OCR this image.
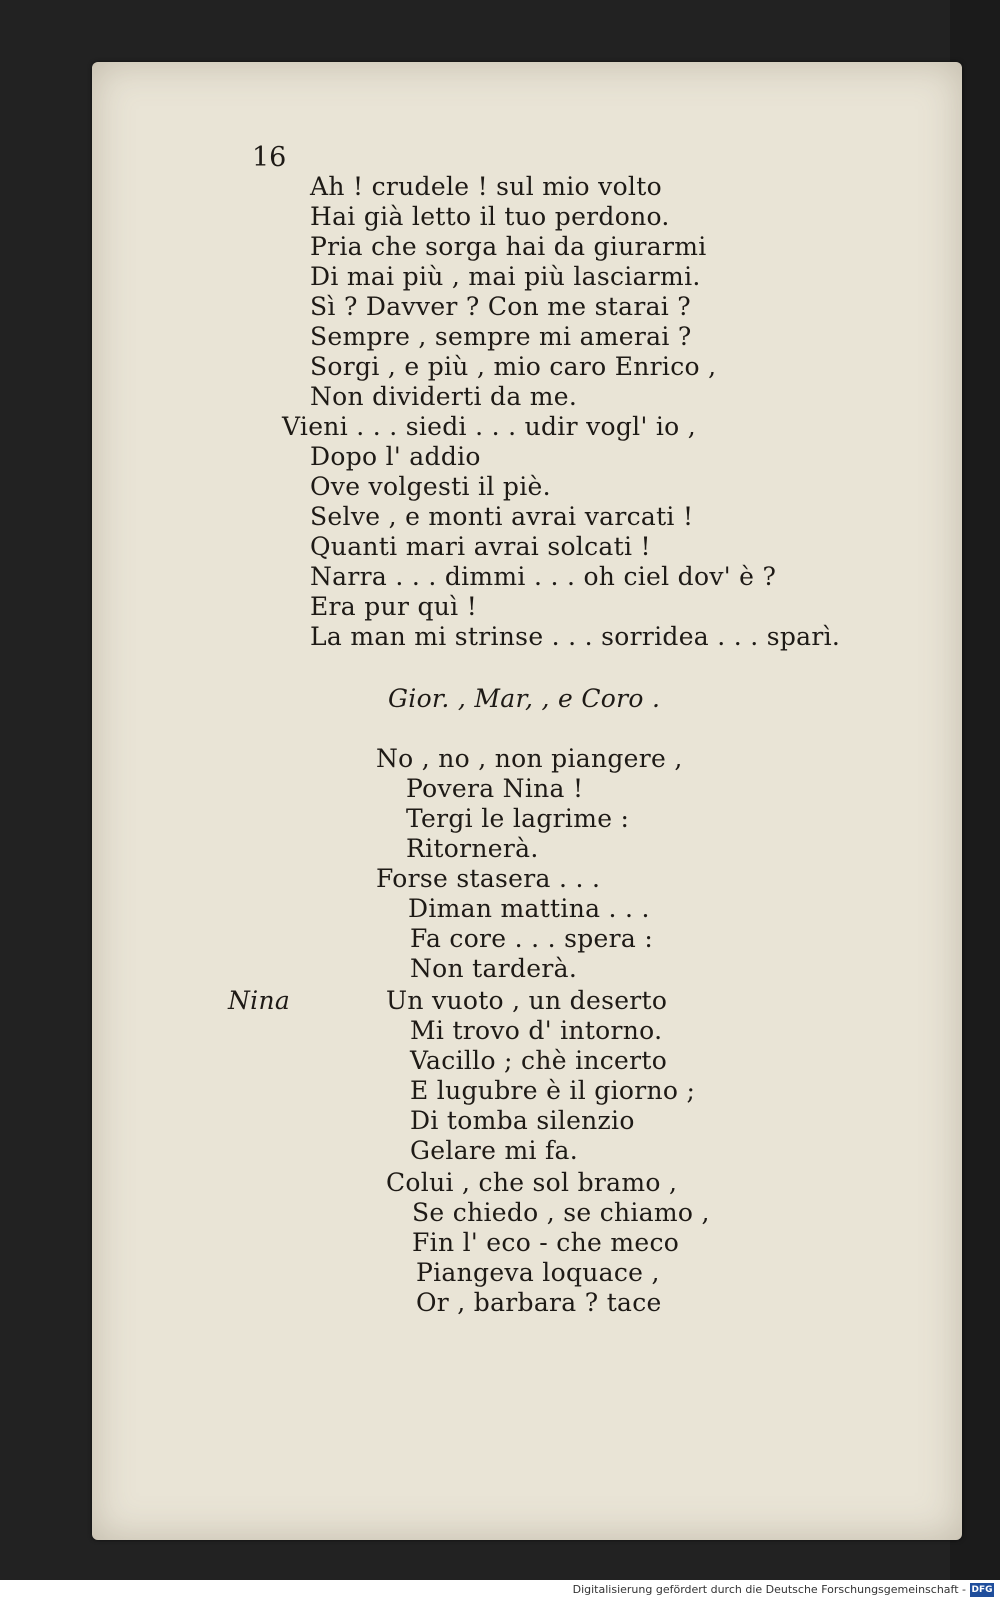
16
Ah ! crudele ! sul mio volto
Hai già letto il tuo perdono.
Pria che sorga hai da giurarmi
Di mai più , mai più lasciarmi.
Sì ? Davver ? Con me starai ?
Sempre , sempre mi amerai ?
Sorgi , e più , mio caro Enrico ,
Non dividerti da me.
Vieni . . . siedi . . . udir vogl' io ,
Dopo l' addio
Ove volgesti il piè.
Selve , e monti avrai varcati !
Quanti mari avrai solcati !
Narra . . . dimmi . . . oh ciel dov' è ?
Era pur quì !
La man mi strinse . . . sorridea . . . sparì.
Gior. , Mar, , e Coro .
No , no , non piangere ,
Povera Nina !
Tergi le lagrime :
Ritornerà.
Forse stasera . . .
Diman mattina . . .
Fa core . . . spera :
Non tarderà.
Nina	Un vuoto , un deserto
Mi trovo d' intorno.
Vacillo ; chè incerto
E lugubre è il giorno ;
Di tomba silenzio
Gelare mi fa.
Colui , che sol bramo ,
Se chiedo , se chiamo ,
Fin l' eco - che meco
Piangeva loquace ,
Or , barbara ? tace
Digitalisierung gefördert durch die Deutsche Forschungsgemeinschaft - DFG
